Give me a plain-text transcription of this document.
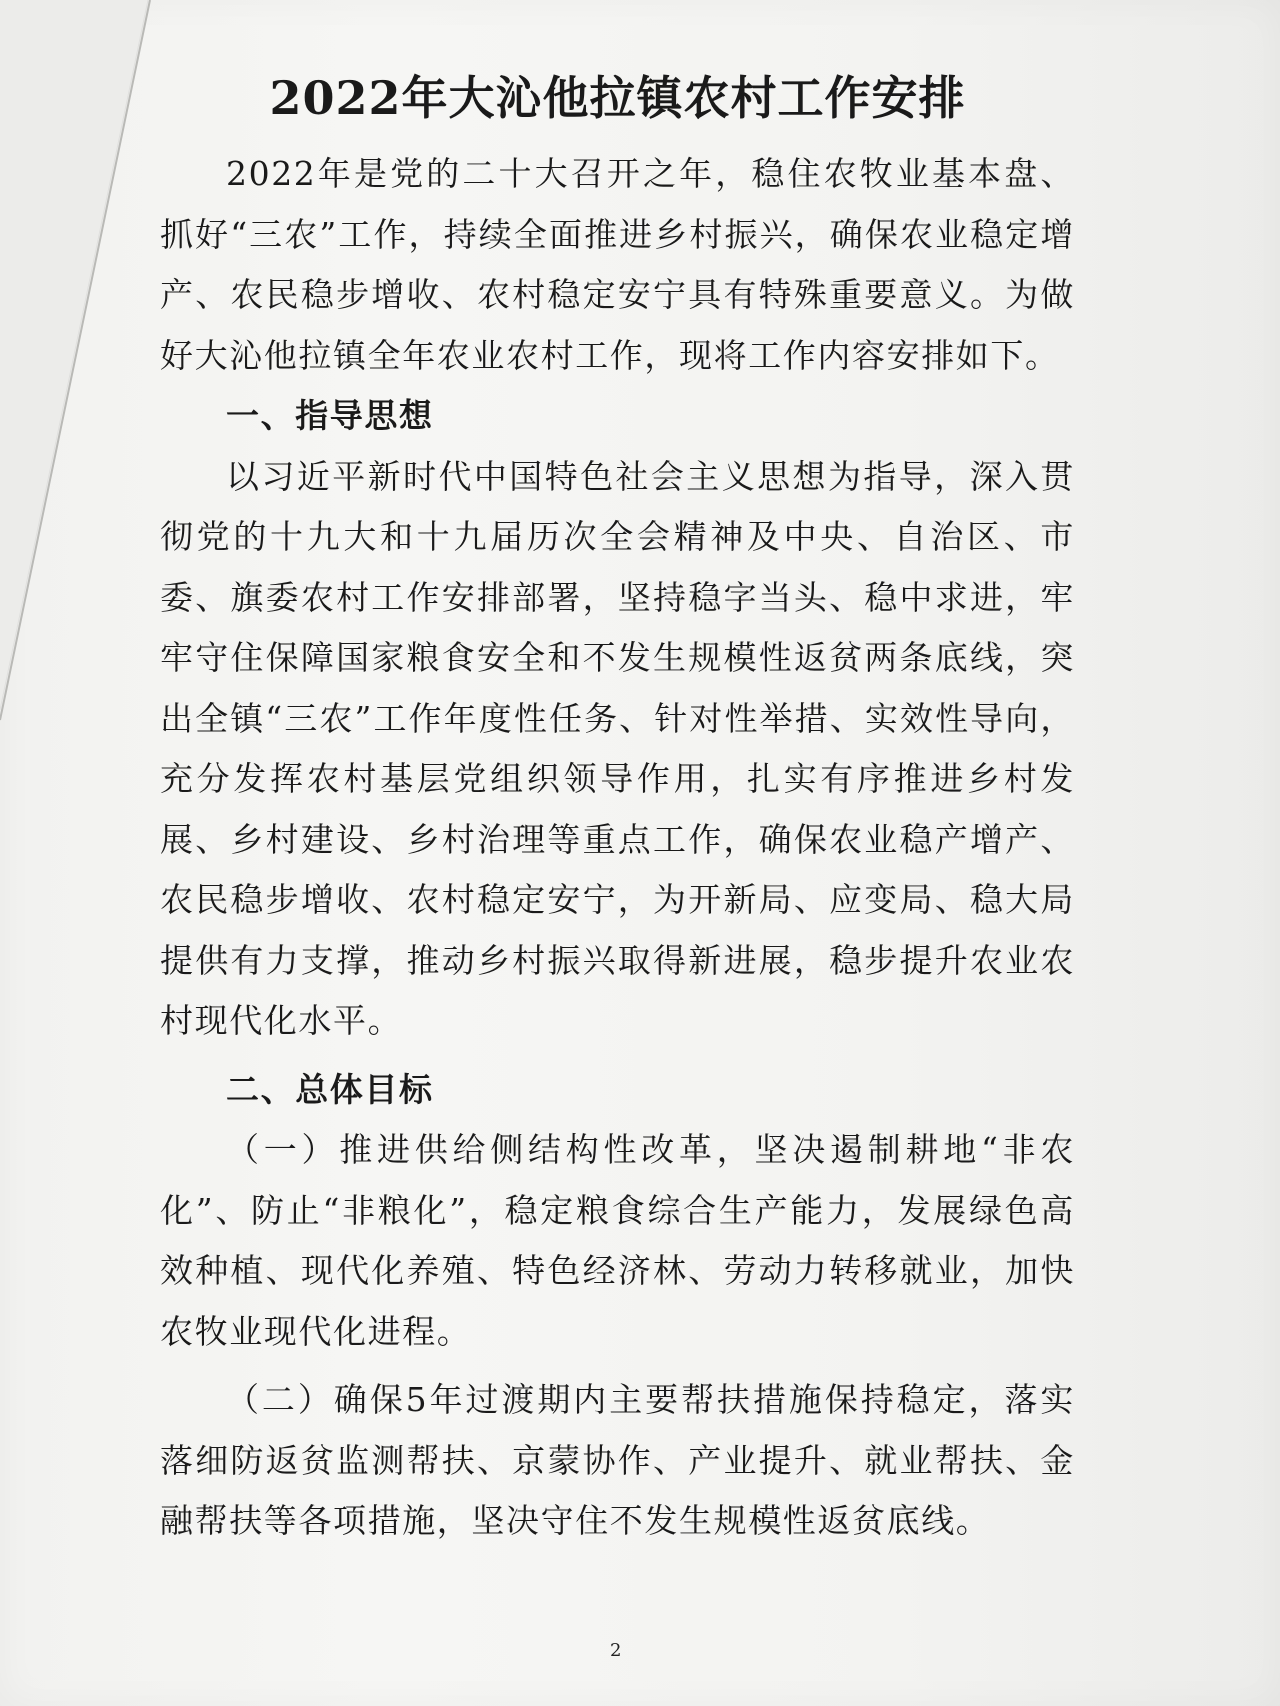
2022年大沁他拉镇农村工作安排

2022年是党的二十大召开之年，稳住农牧业基本盘、抓好“三农”工作，持续全面推进乡村振兴，确保农业稳定增产、农民稳步增收、农村稳定安宁具有特殊重要意义。为做好大沁他拉镇全年农业农村工作，现将工作内容安排如下。

一、指导思想

以习近平新时代中国特色社会主义思想为指导，深入贯彻党的十九大和十九届历次全会精神及中央、自治区、市委、旗委农村工作安排部署，坚持稳字当头、稳中求进，牢牢守住保障国家粮食安全和不发生规模性返贫两条底线，突出全镇“三农”工作年度性任务、针对性举措、实效性导向，充分发挥农村基层党组织领导作用，扎实有序推进乡村发展、乡村建设、乡村治理等重点工作，确保农业稳产增产、农民稳步增收、农村稳定安宁，为开新局、应变局、稳大局提供有力支撑，推动乡村振兴取得新进展，稳步提升农业农村现代化水平。

二、总体目标

（一）推进供给侧结构性改革，坚决遏制耕地“非农化”、防止“非粮化”，稳定粮食综合生产能力，发展绿色高效种植、现代化养殖、特色经济林、劳动力转移就业，加快农牧业现代化进程。

（二）确保5年过渡期内主要帮扶措施保持稳定，落实落细防返贫监测帮扶、京蒙协作、产业提升、就业帮扶、金融帮扶等各项措施，坚决守住不发生规模性返贫底线。

2
